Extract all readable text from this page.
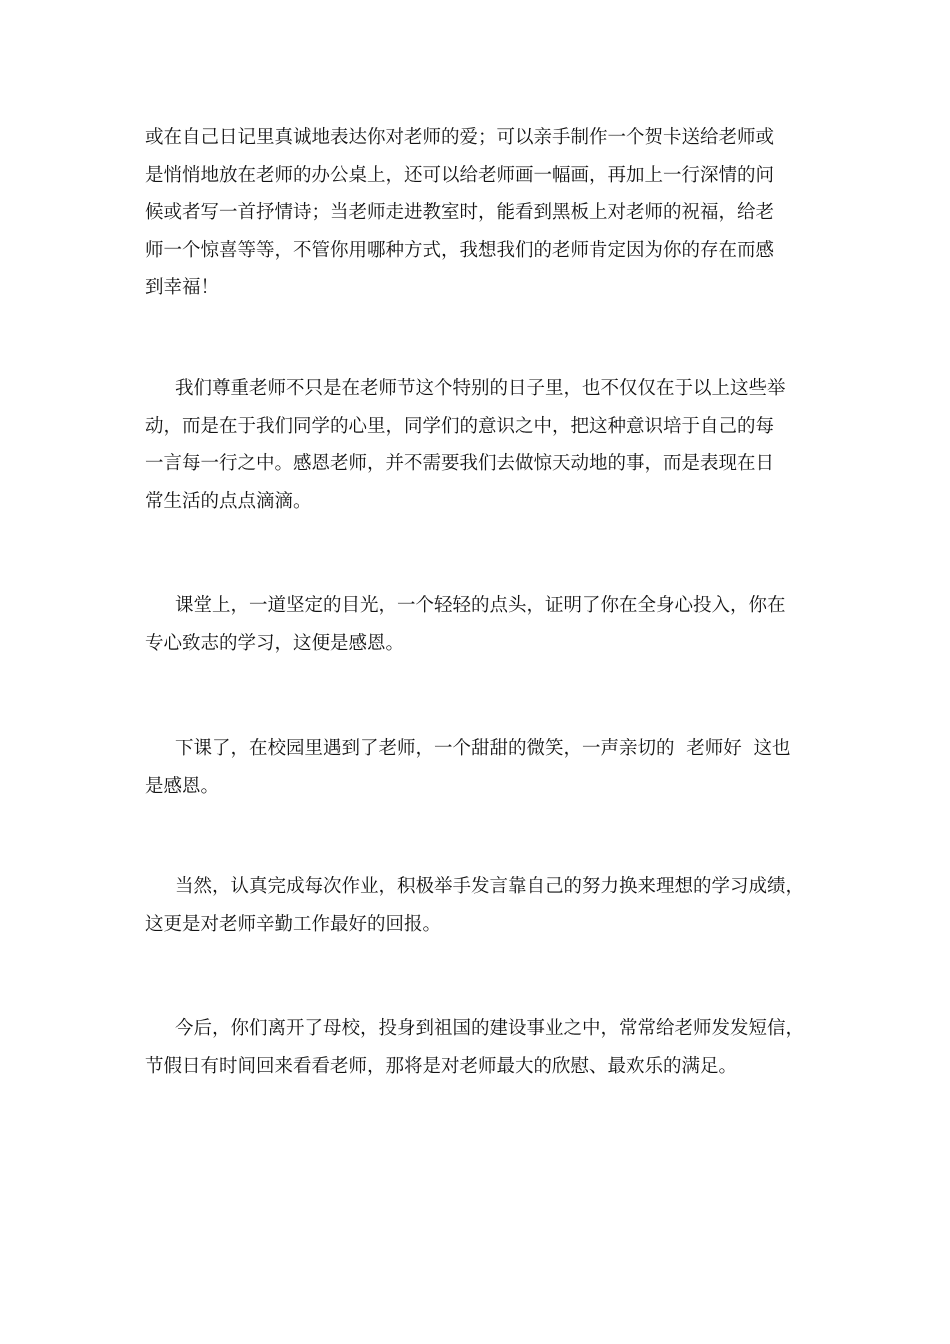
或在自己日记里真诚地表达你对老师的爱；可以亲手制作一个贺卡送给老师或
是悄悄地放在老师的办公桌上，还可以给老师画一幅画，再加上一行深情的问
候或者写一首抒情诗；当老师走进教室时，能看到黑板上对老师的祝福，给老
师一个惊喜等等，不管你用哪种方式，我想我们的老师肯定因为你的存在而感
到幸福！
我们尊重老师不只是在老师节这个特别的日子里，也不仅仅在于以上这些举
动，而是在于我们同学的心里，同学们的意识之中，把这种意识培于自己的每
一言每一行之中。感恩老师，并不需要我们去做惊天动地的事，而是表现在日
常生活的点点滴滴。
课堂上，一道坚定的目光，一个轻轻的点头，证明了你在全身心投入，你在
专心致志的学习，这便是感恩。
下课了，在校园里遇到了老师，一个甜甜的微笑，一声亲切的  老师好  这也
是感恩。
当然，认真完成每次作业，积极举手发言靠自己的努力换来理想的学习成绩，
这更是对老师辛勤工作最好的回报。
今后，你们离开了母校，投身到祖国的建设事业之中，常常给老师发发短信，
节假日有时间回来看看老师，那将是对老师最大的欣慰、最欢乐的满足。
